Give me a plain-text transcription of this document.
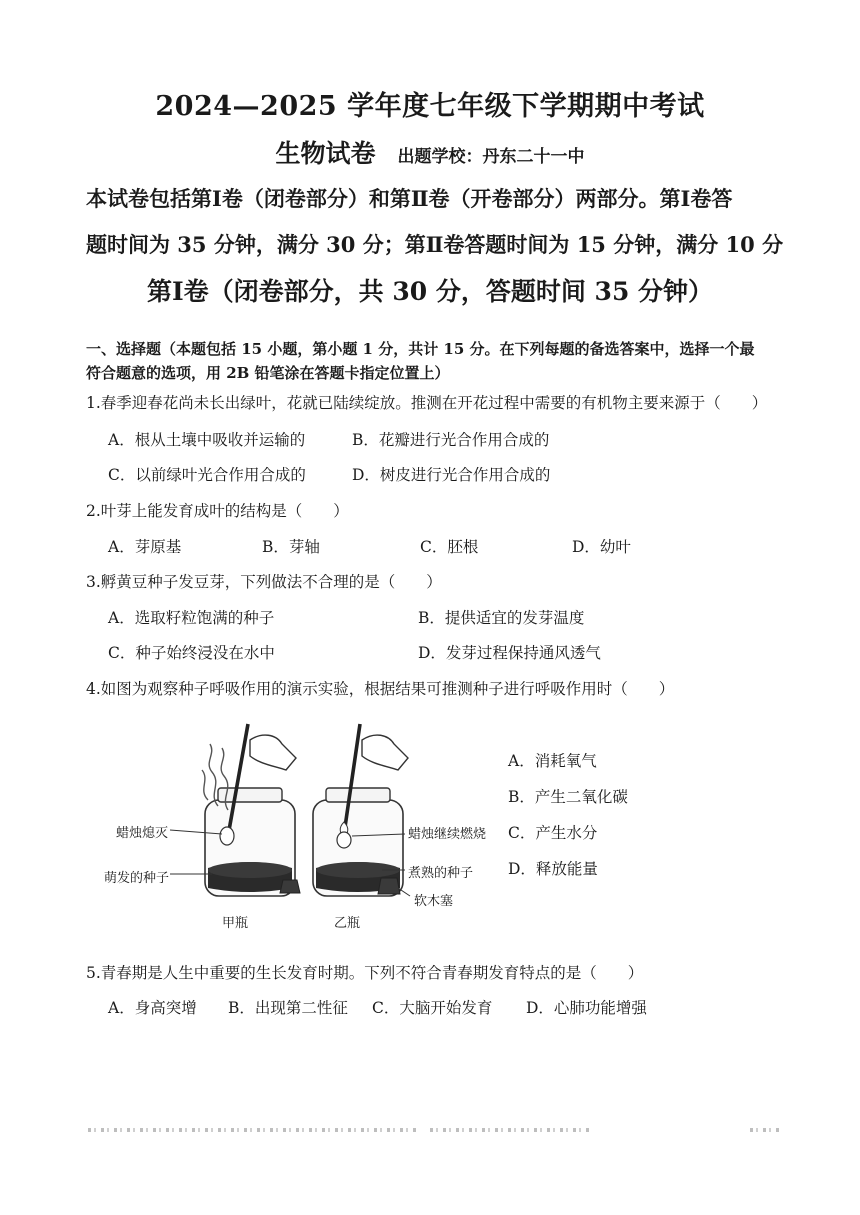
2024—2025 学年度七年级下学期期中考试
生物试卷 出题学校：丹东二十一中
本试卷包括第Ⅰ卷（闭卷部分）和第Ⅱ卷（开卷部分）两部分。第Ⅰ卷答
题时间为 35 分钟，满分 30 分；第Ⅱ卷答题时间为 15 分钟，满分 10 分
第Ⅰ卷（闭卷部分，共 30 分，答题时间 35 分钟）
一、选择题（本题包括 15 小题，第小题 1 分，共计 15 分。在下列每题的备选答案中，选择一个最
符合题意的选项，用 2B 铅笔涂在答题卡指定位置上）
1.春季迎春花尚未长出绿叶，花就已陆续绽放。推测在开花过程中需要的有机物主要来源于（　　）
A．根从土壤中吸收并运输的	B．花瓣进行光合作用合成的
C．以前绿叶光合作用合成的	D．树皮进行光合作用合成的
2.叶芽上能发育成叶的结构是（　　）
A．芽原基	B．芽轴	C．胚根	D．幼叶
3.孵黄豆种子发豆芽，下列做法不合理的是（　　）
A．选取籽粒饱满的种子	B．提供适宜的发芽温度
C．种子始终浸没在水中	D．发芽过程保持通风透气
4.如图为观察种子呼吸作用的演示实验，根据结果可推测种子进行呼吸作用时（　　）
蜡烛熄灭
萌发的种子
蜡烛继续燃烧
煮熟的种子
软木塞
甲瓶	乙瓶
A．消耗氧气
B．产生二氧化碳
C．产生水分
D．释放能量
5.青春期是人生中重要的生长发育时期。下列不符合青春期发育特点的是（　　）
A．身高突增 B．出现第二性征 C．大脑开始发育 D．心肺功能增强
